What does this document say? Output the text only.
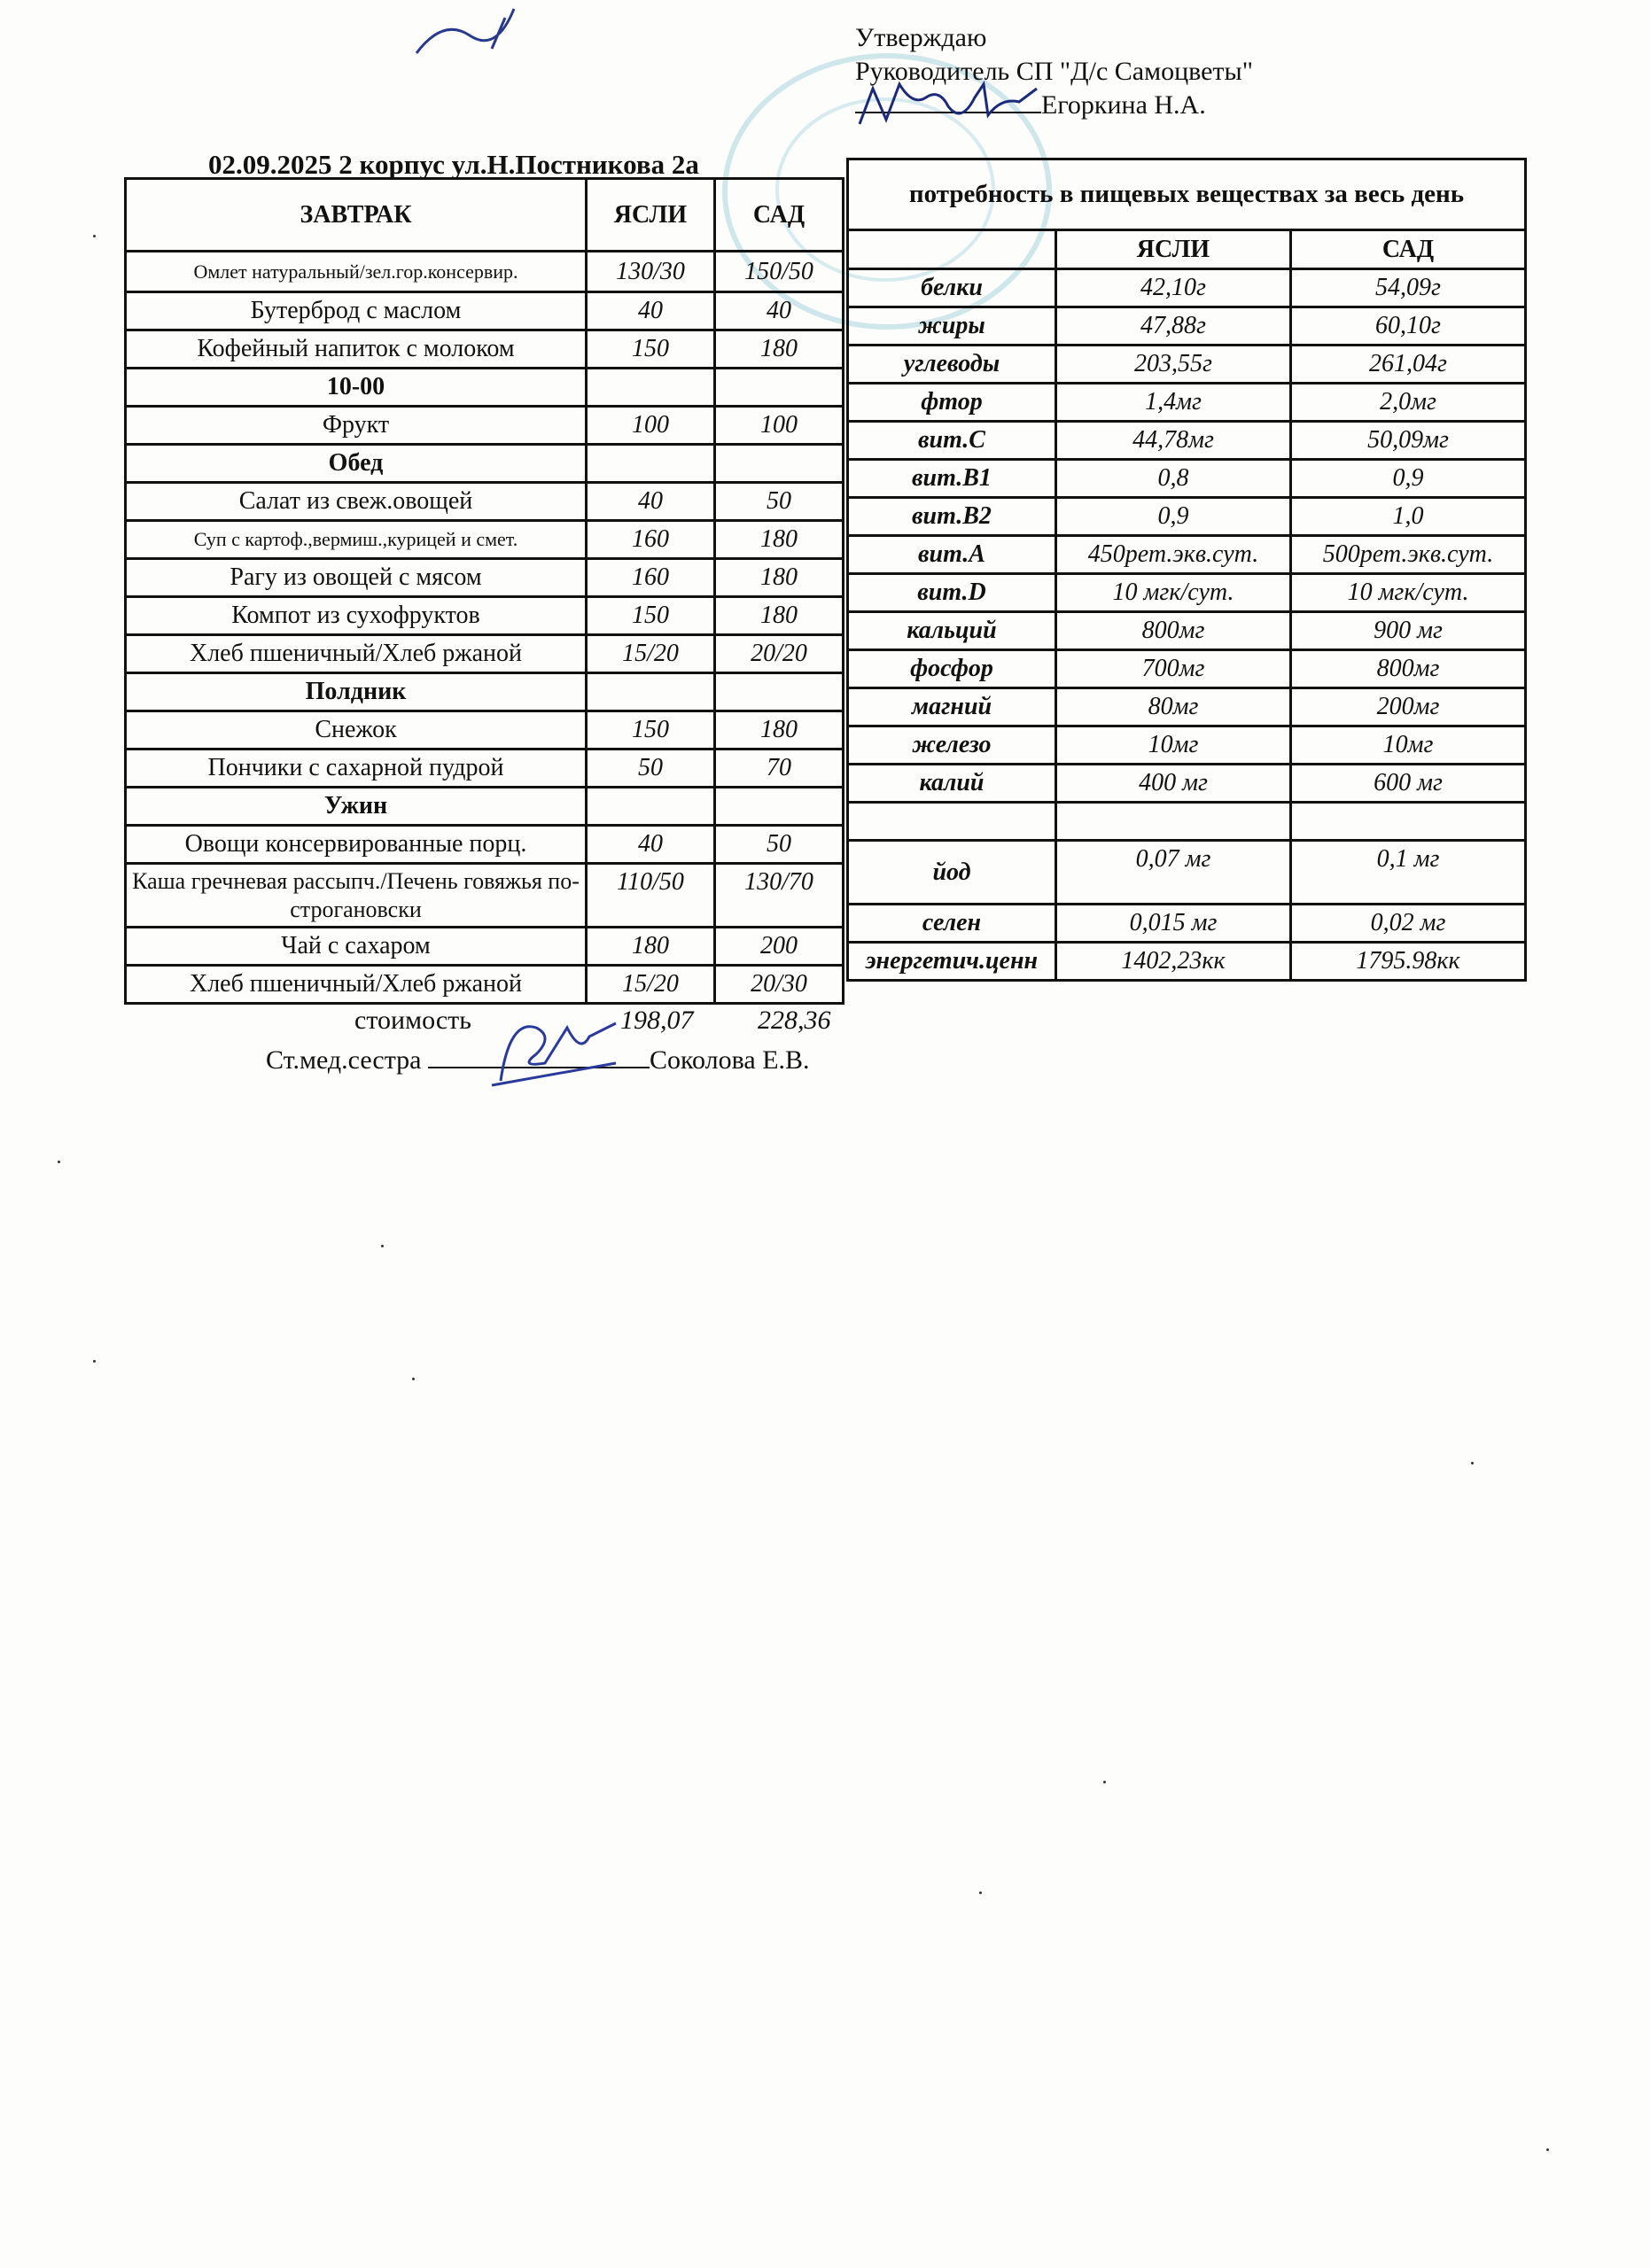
Утверждаю
Руководитель СП "Д/с Самоцветы"
Егоркина Н.А.
02.09.2025 2 корпус ул.Н.Постникова 2а
ЗАВТРАК	ЯСЛИ	САД
Омлет натуральный/зел.гор.консервир.	130/30	150/50
Бутерброд с маслом	40	40
Кофейный напиток с молоком	150	180
10-00		
Фрукт	100	100
Обед		
Салат из свеж.овощей	40	50
Суп с картоф.,вермиш.,курицей и смет.	160	180
Рагу из овощей с мясом	160	180
Компот из сухофруктов	150	180
Хлеб пшеничный/Хлеб ржаной	15/20	20/20
Полдник		
Снежок	150	180
Пончики с сахарной пудрой	50	70
Ужин		
Овощи консервированные порц.	40	50
Каша гречневая рассыпч./Печень говяжья по-строгановски	110/50	130/70
Чай с сахаром	180	200
Хлеб пшеничный/Хлеб ржаной	15/20	20/30
потребность в пищевых веществах за весь день		
	ЯСЛИ	САД
белки	42,10г	54,09г
жиры	47,88г	60,10г
углеводы	203,55г	261,04г
фтор	1,4мг	2,0мг
вит.С	44,78мг	50,09мг
вит.В1	0,8	0,9
вит.В2	0,9	1,0
вит.А	450рет.экв.сут.	500рет.экв.сут.
вит.D	10 мгк/сут.	10 мгк/сут.
кальций	800мг	900 мг
фосфор	700мг	800мг
магний	80мг	200мг
железо	10мг	10мг
калий	400 мг	600 мг

йод	0,07 мг	0,1 мг
селен	0,015 мг	0,02 мг
энергетич.ценн	1402,23кк	1795.98кк
стоимость	198,07 228,36
Ст.мед.сестра	Соколова Е.В.
